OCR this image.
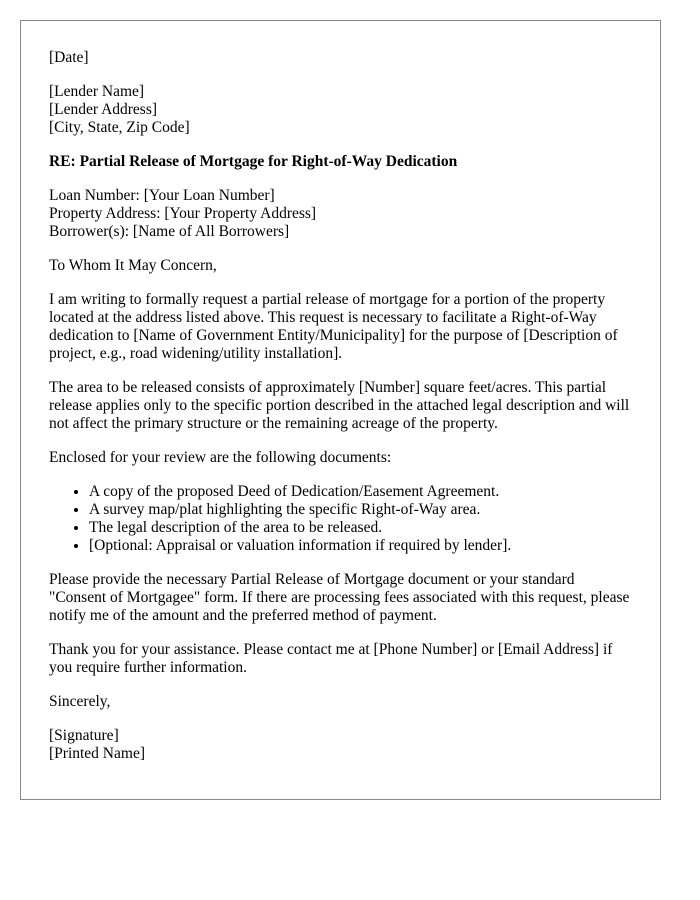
[Date]

[Lender Name]
[Lender Address]
[City, State, Zip Code]

RE: Partial Release of Mortgage for Right-of-Way Dedication

Loan Number: [Your Loan Number]
Property Address: [Your Property Address]
Borrower(s): [Name of All Borrowers]

To Whom It May Concern,

I am writing to formally request a partial release of mortgage for a portion of the property located at the address listed above. This request is necessary to facilitate a Right-of-Way dedication to [Name of Government Entity/Municipality] for the purpose of [Description of project, e.g., road widening/utility installation].

The area to be released consists of approximately [Number] square feet/acres. This partial release applies only to the specific portion described in the attached legal description and will not affect the primary structure or the remaining acreage of the property.

Enclosed for your review are the following documents:

• A copy of the proposed Deed of Dedication/Easement Agreement.
• A survey map/plat highlighting the specific Right-of-Way area.
• The legal description of the area to be released.
• [Optional: Appraisal or valuation information if required by lender].

Please provide the necessary Partial Release of Mortgage document or your standard "Consent of Mortgagee" form. If there are processing fees associated with this request, please notify me of the amount and the preferred method of payment.

Thank you for your assistance. Please contact me at [Phone Number] or [Email Address] if you require further information.

Sincerely,

[Signature]
[Printed Name]
